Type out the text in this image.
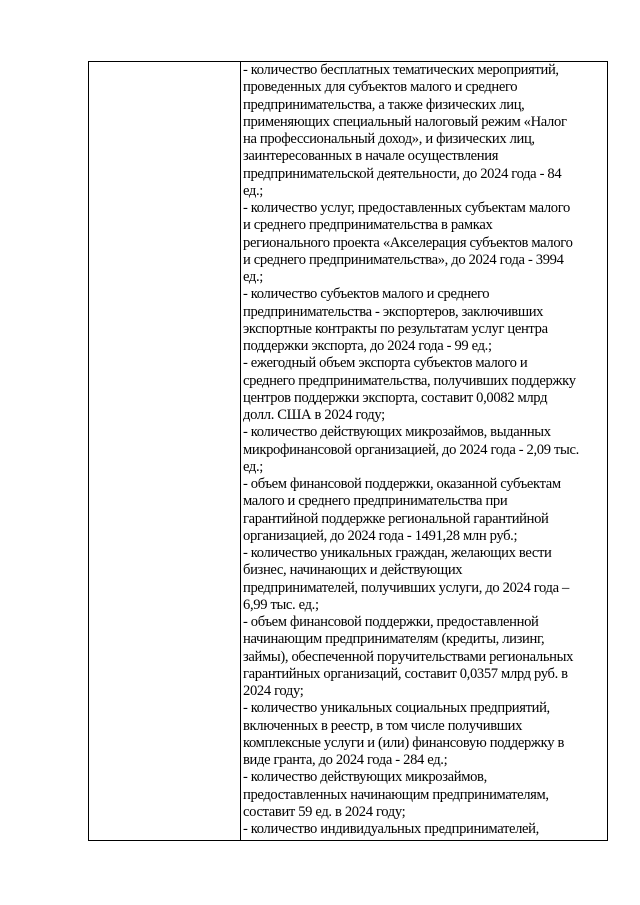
- количество бесплатных тематических мероприятий,
проведенных для субъектов малого и среднего
предпринимательства, а также физических лиц,
применяющих специальный налоговый режим «Налог
на профессиональный доход», и физических лиц,
заинтересованных в начале осуществления
предпринимательской деятельности, до 2024 года - 84
ед.;
- количество услуг, предоставленных субъектам малого
и среднего предпринимательства в рамках
регионального проекта «Акселерация субъектов малого
и среднего предпринимательства», до 2024 года - 3994
ед.;
- количество субъектов малого и среднего
предпринимательства - экспортеров, заключивших
экспортные контракты по результатам услуг центра
поддержки экспорта, до 2024 года - 99 ед.;
- ежегодный объем экспорта субъектов малого и
среднего предпринимательства, получивших поддержку
центров поддержки экспорта, составит 0,0082 млрд
долл. США в 2024 году;
- количество действующих микрозаймов, выданных
микрофинансовой организацией, до 2024 года - 2,09 тыс.
ед.;
- объем финансовой поддержки, оказанной субъектам
малого и среднего предпринимательства при
гарантийной поддержке региональной гарантийной
организацией, до 2024 года - 1491,28 млн руб.;
- количество уникальных граждан, желающих вести
бизнес, начинающих и действующих
предпринимателей, получивших услуги, до 2024 года –
6,99 тыс. ед.;
- объем финансовой поддержки, предоставленной
начинающим предпринимателям (кредиты, лизинг,
займы), обеспеченной поручительствами региональных
гарантийных организаций, составит 0,0357 млрд руб. в
2024 году;
- количество уникальных социальных предприятий,
включенных в реестр, в том числе получивших
комплексные услуги и (или) финансовую поддержку в
виде гранта, до 2024 года - 284 ед.;
- количество действующих микрозаймов,
предоставленных начинающим предпринимателям,
составит 59 ед. в 2024 году;
- количество индивидуальных предпринимателей,
